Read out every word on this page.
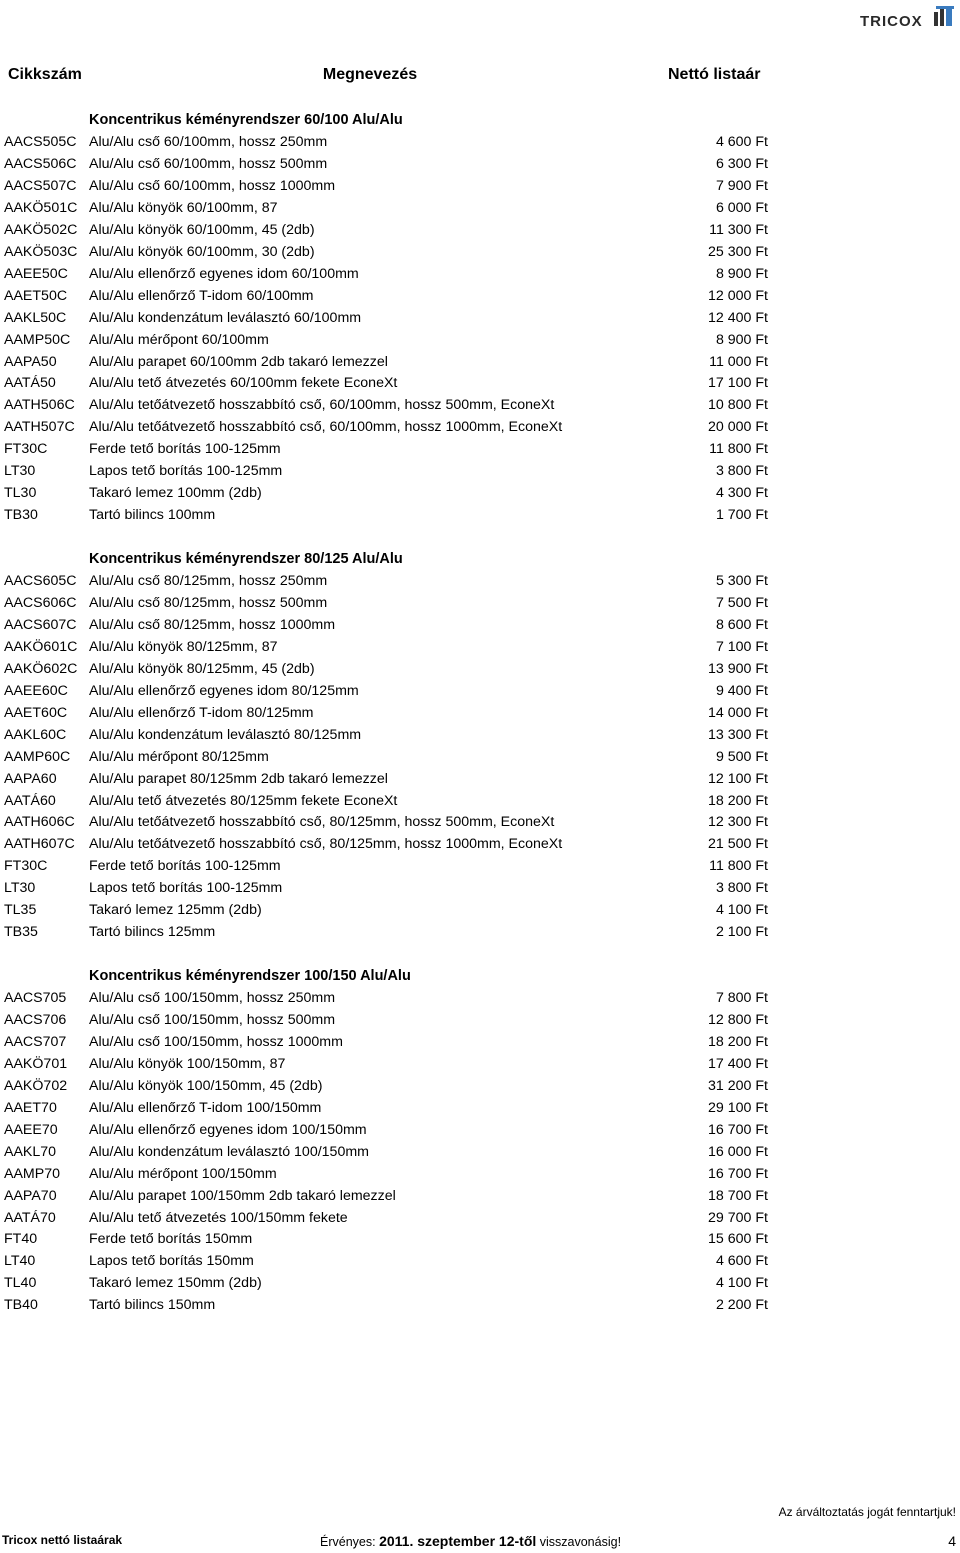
TRICOX
Cikkszám	Megnevezés	Nettó listaár
Koncentrikus kéményrendszer 60/100 Alu/Alu
AACS505C Alu/Alu cső 60/100mm, hossz 250mm	4 600 Ft
AACS506C Alu/Alu cső 60/100mm, hossz 500mm	6 300 Ft
AACS507C Alu/Alu cső 60/100mm, hossz 1000mm	7 900 Ft
AAKÖ501C Alu/Alu könyök 60/100mm, 87	6 000 Ft
AAKÖ502C Alu/Alu könyök 60/100mm, 45 (2db)	11 300 Ft
AAKÖ503C Alu/Alu könyök 60/100mm, 30 (2db)	25 300 Ft
AAEE50C Alu/Alu ellenőrző egyenes idom 60/100mm	8 900 Ft
AAET50C Alu/Alu ellenőrző T-idom 60/100mm	12 000 Ft
AAKL50C Alu/Alu kondenzátum leválasztó 60/100mm	12 400 Ft
AAMP50C Alu/Alu mérőpont 60/100mm	8 900 Ft
AAPA50 Alu/Alu parapet 60/100mm 2db takaró lemezzel	11 000 Ft
AATÁ50 Alu/Alu tető átvezetés 60/100mm fekete EconeXt	17 100 Ft
AATH506C Alu/Alu tetőátvezető hosszabbító cső, 60/100mm, hossz 500mm, EconeXt	10 800 Ft
AATH507C Alu/Alu tetőátvezető hosszabbító cső, 60/100mm, hossz 1000mm, EconeXt	20 000 Ft
FT30C	Ferde tető borítás 100-125mm	11 800 Ft
LT30	Lapos tető borítás 100-125mm	3 800 Ft
TL30	Takaró lemez 100mm (2db)	4 300 Ft
TB30	Tartó bilincs 100mm	1 700 Ft
Koncentrikus kéményrendszer 80/125 Alu/Alu
AACS605C Alu/Alu cső 80/125mm, hossz 250mm	5 300 Ft
AACS606C Alu/Alu cső 80/125mm, hossz 500mm	7 500 Ft
AACS607C Alu/Alu cső 80/125mm, hossz 1000mm	8 600 Ft
AAKÖ601C Alu/Alu könyök 80/125mm, 87	7 100 Ft
AAKÖ602C Alu/Alu könyök 80/125mm, 45 (2db)	13 900 Ft
AAEE60C Alu/Alu ellenőrző egyenes idom 80/125mm	9 400 Ft
AAET60C Alu/Alu ellenőrző T-idom 80/125mm	14 000 Ft
AAKL60C Alu/Alu kondenzátum leválasztó 80/125mm	13 300 Ft
AAMP60C Alu/Alu mérőpont 80/125mm	9 500 Ft
AAPA60 Alu/Alu parapet 80/125mm 2db takaró lemezzel	12 100 Ft
AATÁ60 Alu/Alu tető átvezetés 80/125mm fekete EconeXt	18 200 Ft
AATH606C Alu/Alu tetőátvezető hosszabbító cső, 80/125mm, hossz 500mm, EconeXt	12 300 Ft
AATH607C Alu/Alu tetőátvezető hosszabbító cső, 80/125mm, hossz 1000mm, EconeXt	21 500 Ft
FT30C	Ferde tető borítás 100-125mm	11 800 Ft
LT30	Lapos tető borítás 100-125mm	3 800 Ft
TL35	Takaró lemez 125mm (2db)	4 100 Ft
TB35	Tartó bilincs 125mm	2 100 Ft
Koncentrikus kéményrendszer 100/150 Alu/Alu
AACS705 Alu/Alu cső 100/150mm, hossz 250mm	7 800 Ft
AACS706 Alu/Alu cső 100/150mm, hossz 500mm	12 800 Ft
AACS707 Alu/Alu cső 100/150mm, hossz 1000mm	18 200 Ft
AAKÖ701 Alu/Alu könyök 100/150mm, 87	17 400 Ft
AAKÖ702 Alu/Alu könyök 100/150mm, 45 (2db)	31 200 Ft
AAET70 Alu/Alu ellenőrző T-idom 100/150mm	29 100 Ft
AAEE70 Alu/Alu ellenőrző egyenes idom 100/150mm	16 700 Ft
AAKL70 Alu/Alu kondenzátum leválasztó 100/150mm	16 000 Ft
AAMP70 Alu/Alu mérőpont 100/150mm	16 700 Ft
AAPA70 Alu/Alu parapet 100/150mm 2db takaró lemezzel	18 700 Ft
AATÁ70 Alu/Alu tető átvezetés 100/150mm fekete	29 700 Ft
FT40	Ferde tető borítás 150mm	15 600 Ft
LT40	Lapos tető borítás 150mm	4 600 Ft
TL40	Takaró lemez 150mm (2db)	4 100 Ft
TB40	Tartó bilincs 150mm	2 200 Ft
Az árváltoztatás jogát fenntartjuk!
Tricox nettó listaárak	Érvényes: 2011. szeptember 12-től visszavonásig!	4
